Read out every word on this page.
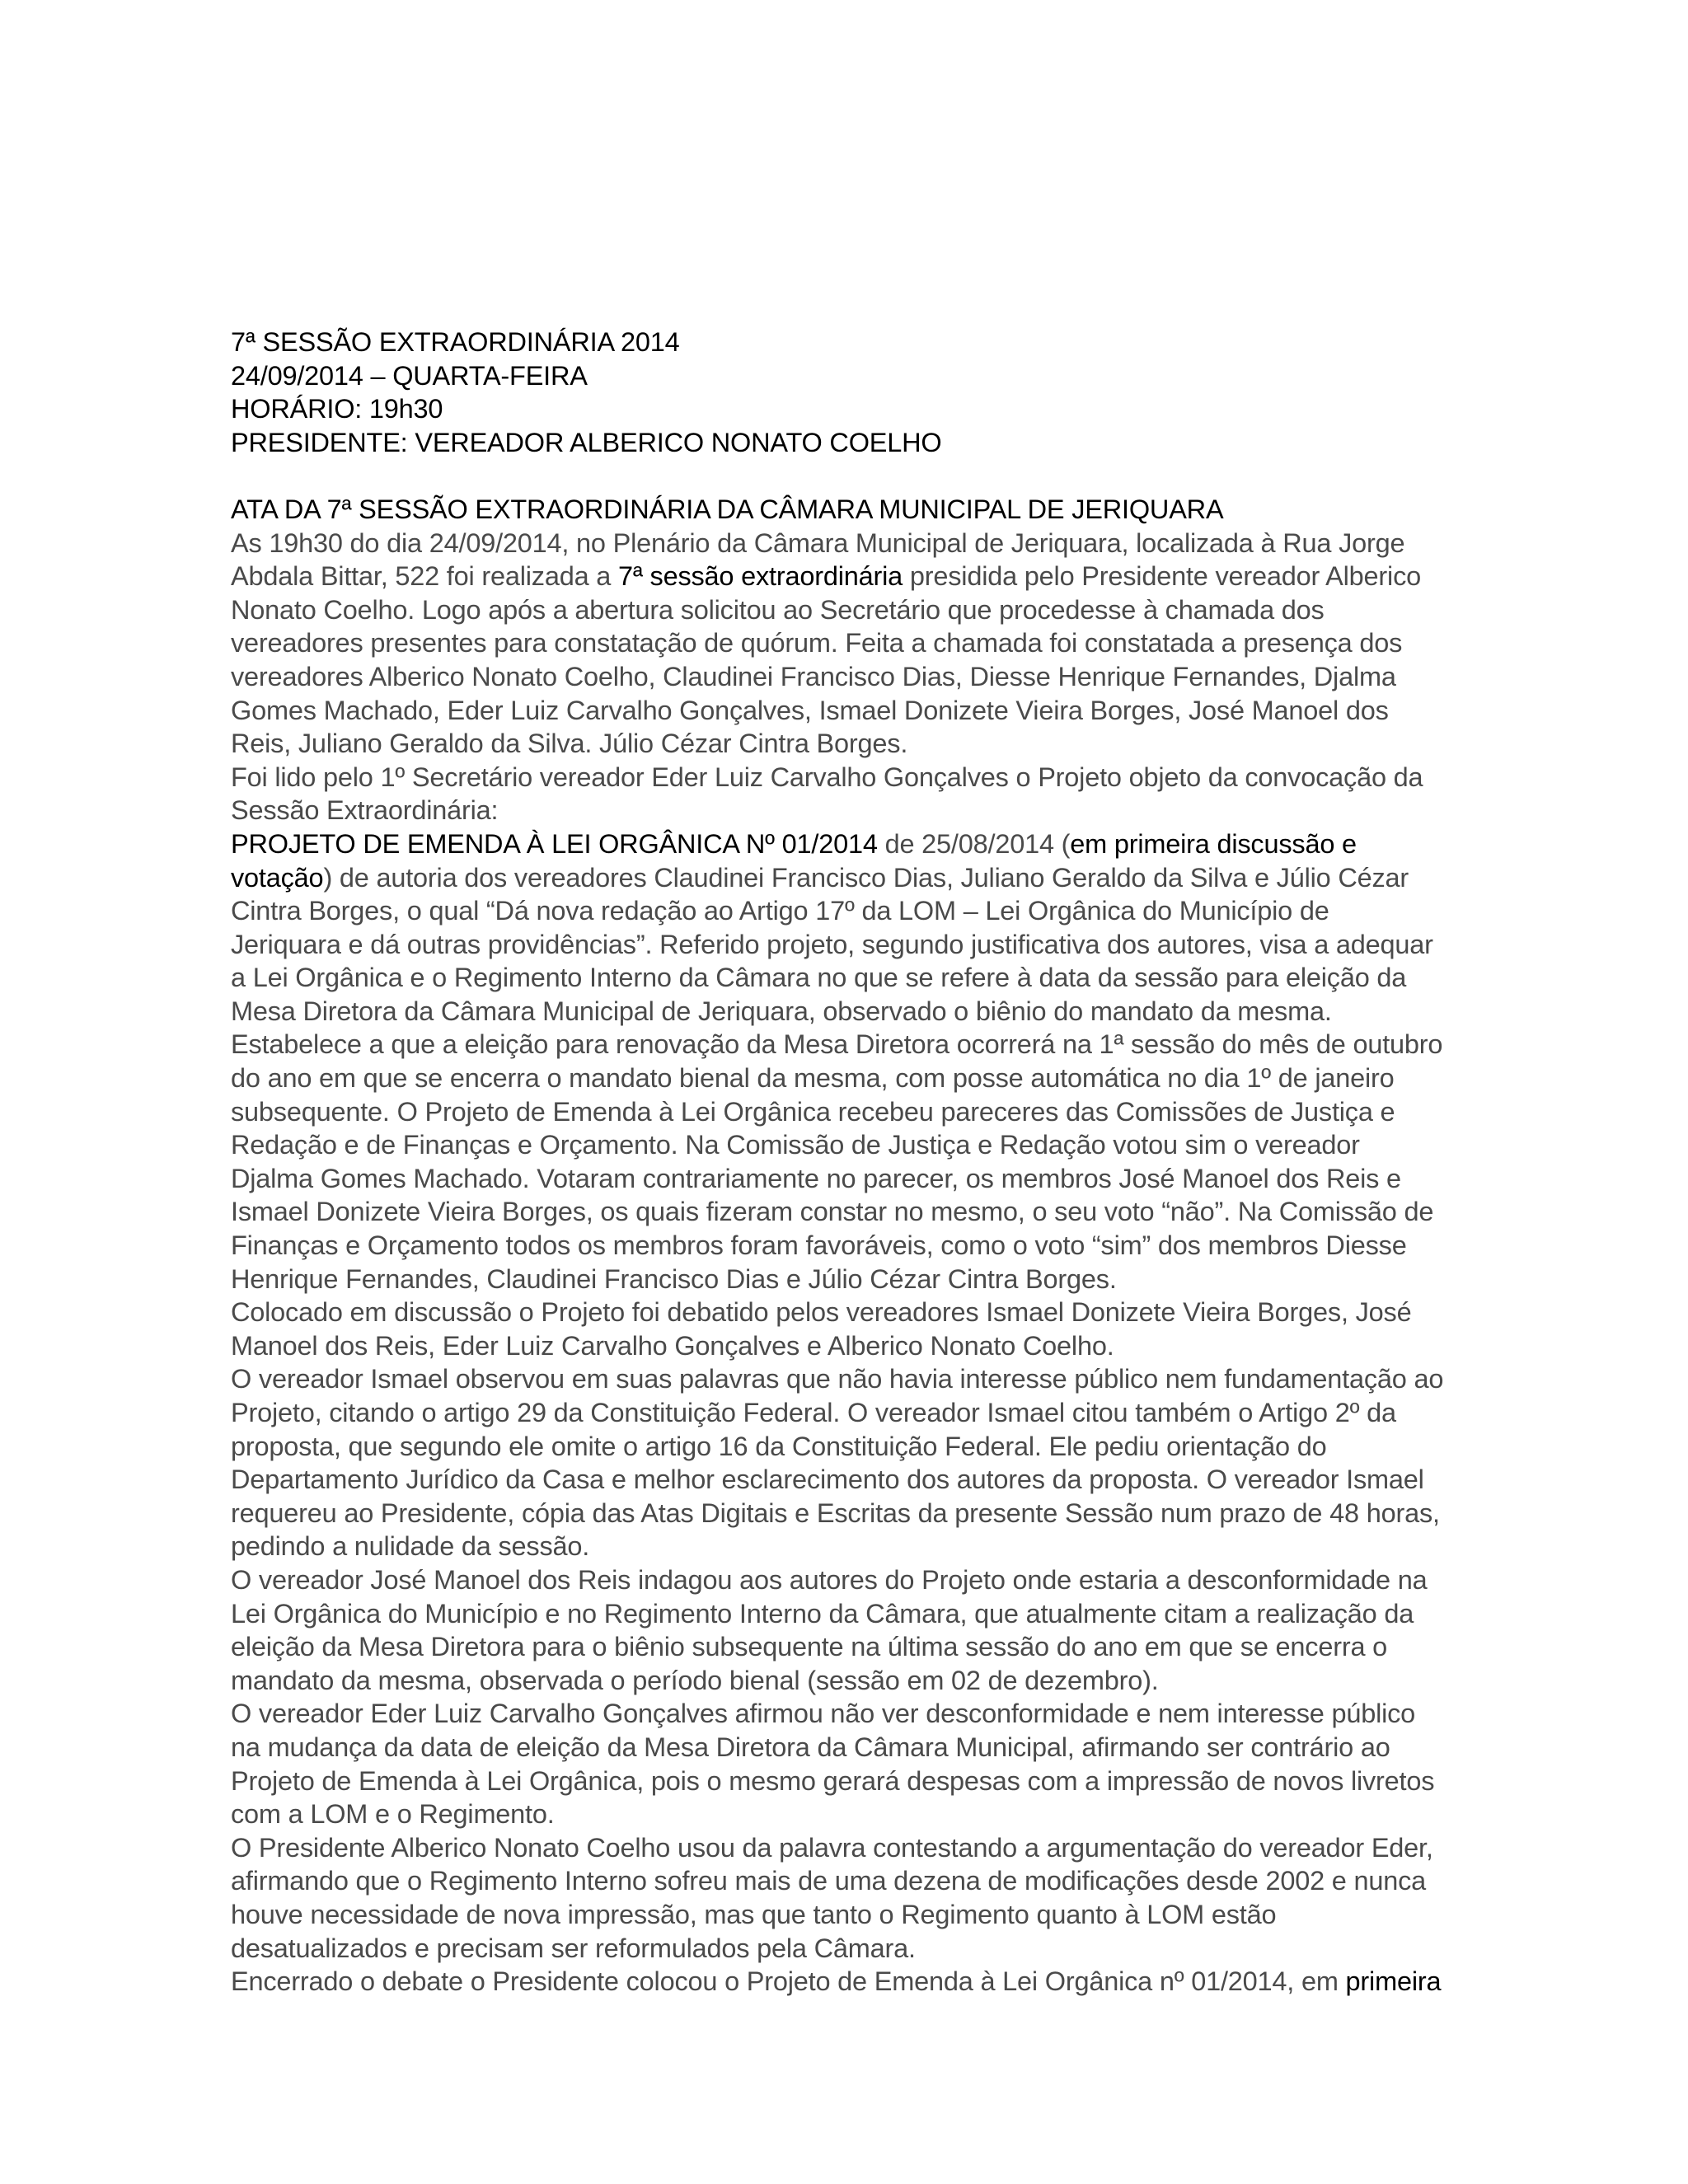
7ª SESSÃO EXTRAORDINÁRIA 2014

24/09/2014 – QUARTA-FEIRA

HORÁRIO: 19h30

PRESIDENTE: VEREADOR ALBERICO NONATO COELHO

ATA DA 7ª SESSÃO EXTRAORDINÁRIA DA CÂMARA MUNICIPAL DE JERIQUARA

As 19h30 do dia 24/09/2014, no Plenário da Câmara Municipal de Jeriquara, localizada à Rua Jorge Abdala Bittar, 522 foi realizada a 7ª sessão extraordinária presidida pelo Presidente vereador Alberico Nonato Coelho. Logo após a abertura solicitou ao Secretário que procedesse à chamada dos vereadores presentes para constatação de quórum. Feita a chamada foi constatada a presença dos vereadores Alberico Nonato Coelho, Claudinei Francisco Dias, Diesse Henrique Fernandes, Djalma Gomes Machado, Eder Luiz Carvalho Gonçalves, Ismael Donizete Vieira Borges, José Manoel dos Reis, Juliano Geraldo da Silva. Júlio Cézar Cintra Borges.

Foi lido pelo 1º Secretário vereador Eder Luiz Carvalho Gonçalves o Projeto objeto da convocação da Sessão Extraordinária:

PROJETO DE EMENDA À LEI ORGÂNICA Nº 01/2014 de 25/08/2014 (em primeira discussão e votação) de autoria dos vereadores Claudinei Francisco Dias, Juliano Geraldo da Silva e Júlio Cézar Cintra Borges, o qual “Dá nova redação ao Artigo 17º da LOM – Lei Orgânica do Município de Jeriquara e dá outras providências”. Referido projeto, segundo justificativa dos autores, visa a adequar a Lei Orgânica e o Regimento Interno da Câmara no que se refere à data da sessão para eleição da Mesa Diretora da Câmara Municipal de Jeriquara, observado o biênio do mandato da mesma. Estabelece a que a eleição para renovação da Mesa Diretora ocorrerá na 1ª sessão do mês de outubro do ano em que se encerra o mandato bienal da mesma, com posse automática no dia 1º de janeiro subsequente. O Projeto de Emenda à Lei Orgânica recebeu pareceres das Comissões de Justiça e Redação e de Finanças e Orçamento. Na Comissão de Justiça e Redação votou sim o vereador Djalma Gomes Machado. Votaram contrariamente no parecer, os membros José Manoel dos Reis e Ismael Donizete Vieira Borges, os quais fizeram constar no mesmo, o seu voto “não”. Na Comissão de Finanças e Orçamento todos os membros foram favoráveis, como o voto “sim” dos membros Diesse Henrique Fernandes, Claudinei Francisco Dias e Júlio Cézar Cintra Borges.

Colocado em discussão o Projeto foi debatido pelos vereadores Ismael Donizete Vieira Borges, José Manoel dos Reis, Eder Luiz Carvalho Gonçalves e Alberico Nonato Coelho.

O vereador Ismael observou em suas palavras que não havia interesse público nem fundamentação ao Projeto, citando o artigo 29 da Constituição Federal. O vereador Ismael citou também o Artigo 2º da proposta, que segundo ele omite o artigo 16 da Constituição Federal. Ele pediu orientação do Departamento Jurídico da Casa e melhor esclarecimento dos autores da proposta. O vereador Ismael requereu ao Presidente, cópia das Atas Digitais e Escritas da presente Sessão num prazo de 48 horas, pedindo a nulidade da sessão.

O vereador José Manoel dos Reis indagou aos autores do Projeto onde estaria a desconformidade na Lei Orgânica do Município e no Regimento Interno da Câmara, que atualmente citam a realização da eleição da Mesa Diretora para o biênio subsequente na última sessão do ano em que se encerra o mandato da mesma, observada o período bienal (sessão em 02 de dezembro).

O vereador Eder Luiz Carvalho Gonçalves afirmou não ver desconformidade e nem interesse público na mudança da data de eleição da Mesa Diretora da Câmara Municipal, afirmando ser contrário ao Projeto de Emenda à Lei Orgânica, pois o mesmo gerará despesas com a impressão de novos livretos com a LOM e o Regimento.

O Presidente Alberico Nonato Coelho usou da palavra contestando a argumentação do vereador Eder, afirmando que o Regimento Interno sofreu mais de uma dezena de modificações desde 2002 e nunca houve necessidade de nova impressão, mas que tanto o Regimento quanto à LOM estão desatualizados e precisam ser reformulados pela Câmara.

Encerrado o debate o Presidente colocou o Projeto de Emenda à Lei Orgânica nº 01/2014, em primeira
